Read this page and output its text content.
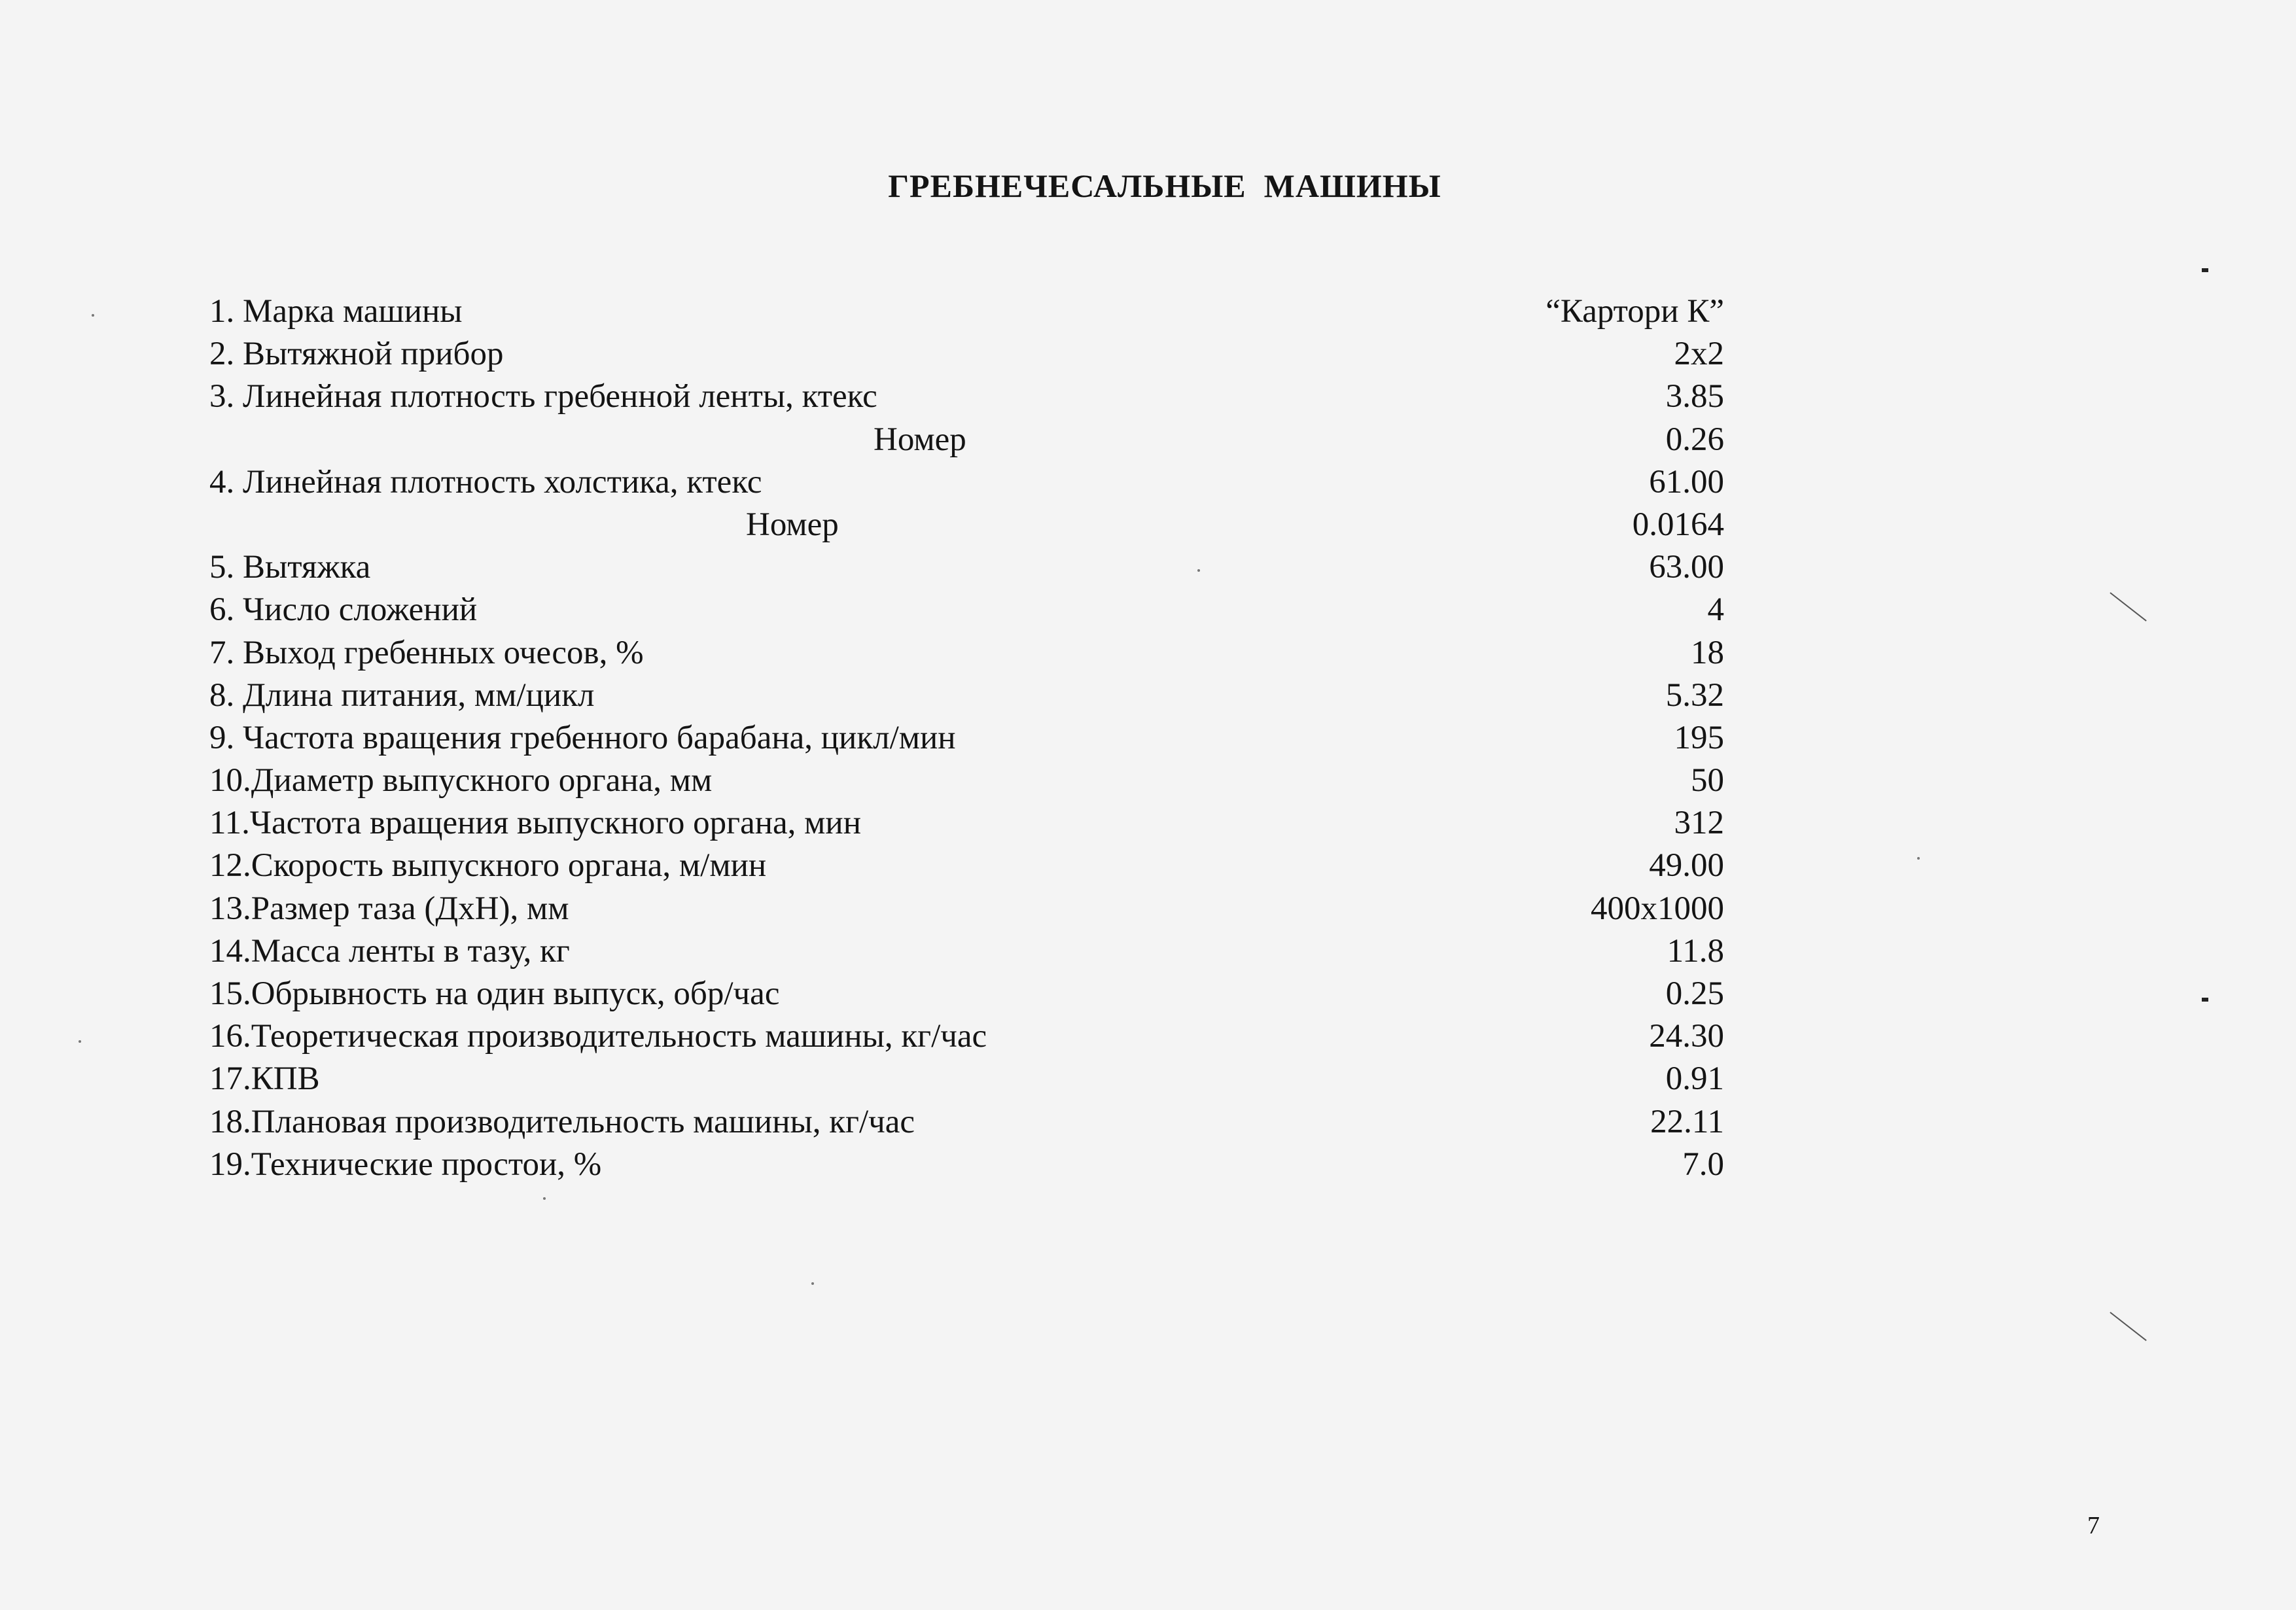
ГРЕБНЕЧЕСАЛЬНЫЕ  МАШИНЫ
1. Марка машины	“Картори К”
2. Вытяжной прибор	2х2
3. Линейная плотность гребенной ленты, ктекс	3.85
Номер	0.26
4. Линейная плотность холстика, ктекс	61.00
Номер	0.0164
5. Вытяжка	63.00
6. Число сложений	4
7. Выход гребенных очесов, %	18
8. Длина питания, мм/цикл	5.32
9. Частота вращения гребенного барабана, цикл/мин	195
10.Диаметр выпускного органа, мм	50
11.Частота вращения выпускного органа, мин	312
12.Скорость выпускного органа, м/мин	49.00
13.Размер таза (ДхН), мм	400х1000
14.Масса ленты в тазу, кг	11.8
15.Обрывность на один выпуск, обр/час	0.25
16.Теоретическая производительность машины, кг/час	24.30
17.КПВ	0.91
18.Плановая производительность машины, кг/час	22.11
19.Технические простои, %	7.0
7
